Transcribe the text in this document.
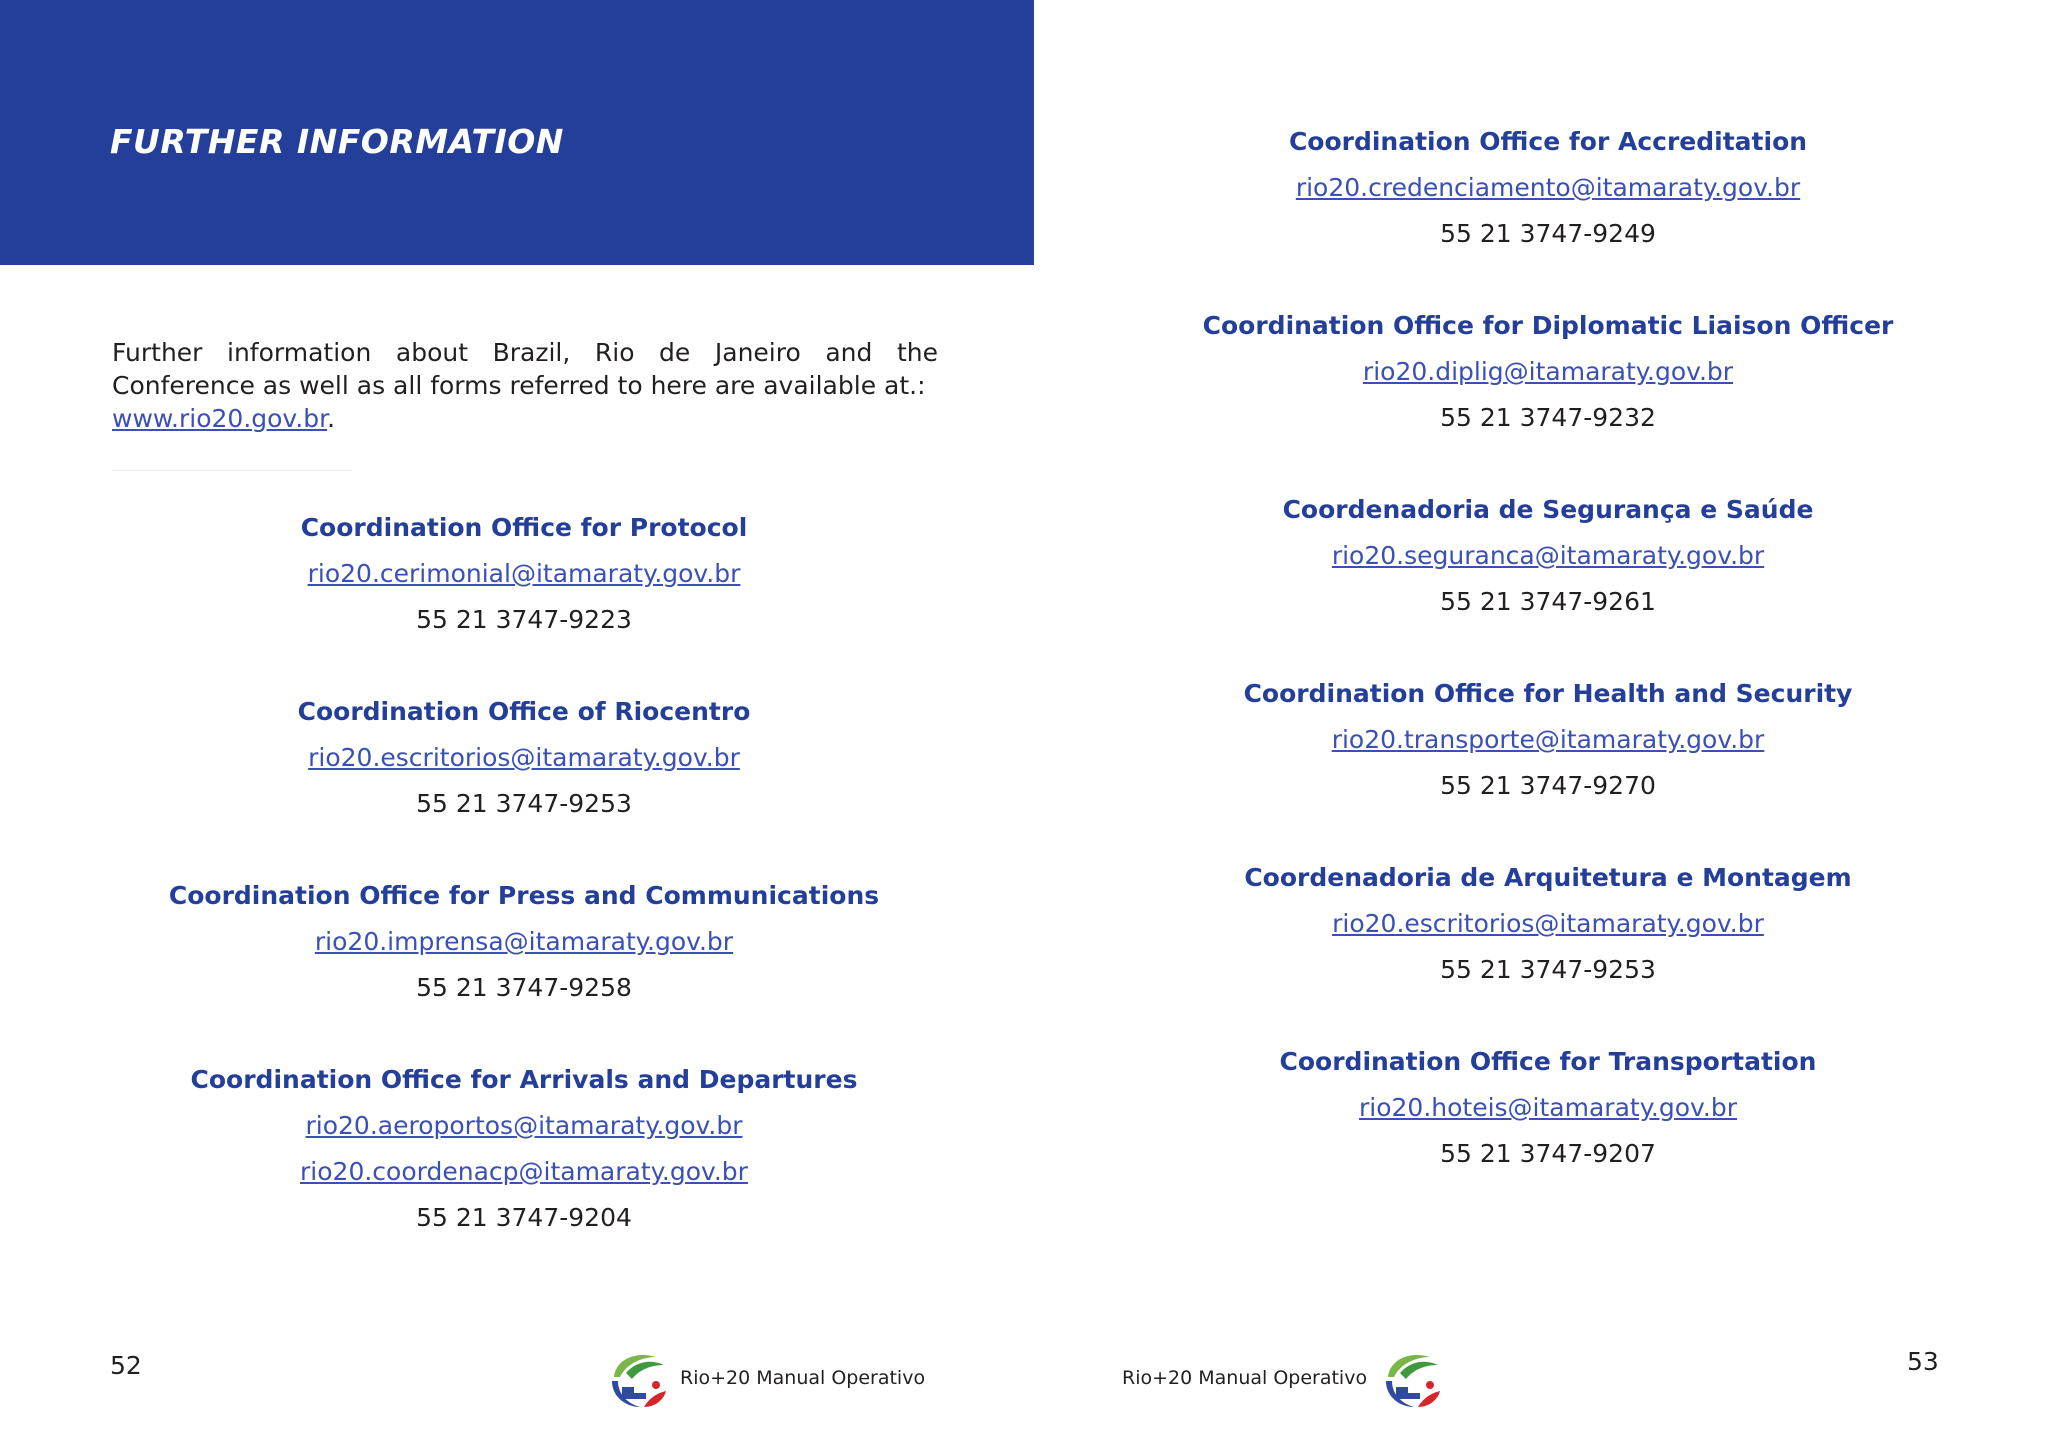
FURTHER INFORMATION
Further information about Brazil, Rio de Janeiro and the Conference as well as all forms referred to here are available at.:
www.rio20.gov.br.
Coordination Office for Protocol
rio20.cerimonial@itamaraty.gov.br
55 21 3747-9223
Coordination Office of Riocentro
rio20.escritorios@itamaraty.gov.br
55 21 3747-9253
Coordination Office for Press and Communications
rio20.imprensa@itamaraty.gov.br
55 21 3747-9258
Coordination Office for Arrivals and Departures
rio20.aeroportos@itamaraty.gov.br
rio20.coordenacp@itamaraty.gov.br
55 21 3747-9204
52	Rio+20 Manual Operativo
Coordination Office for Accreditation
rio20.credenciamento@itamaraty.gov.br
55 21 3747-9249
Coordination Office for Diplomatic Liaison Officer
rio20.diplig@itamaraty.gov.br
55 21 3747-9232
Coordenadoria de Segurança e Saúde
rio20.seguranca@itamaraty.gov.br
55 21 3747-9261
Coordination Office for Health and Security
rio20.transporte@itamaraty.gov.br
55 21 3747-9270
Coordenadoria de Arquitetura e Montagem
rio20.escritorios@itamaraty.gov.br
55 21 3747-9253
Coordination Office for Transportation
rio20.hoteis@itamaraty.gov.br
55 21 3747-9207
Rio+20 Manual Operativo
53
